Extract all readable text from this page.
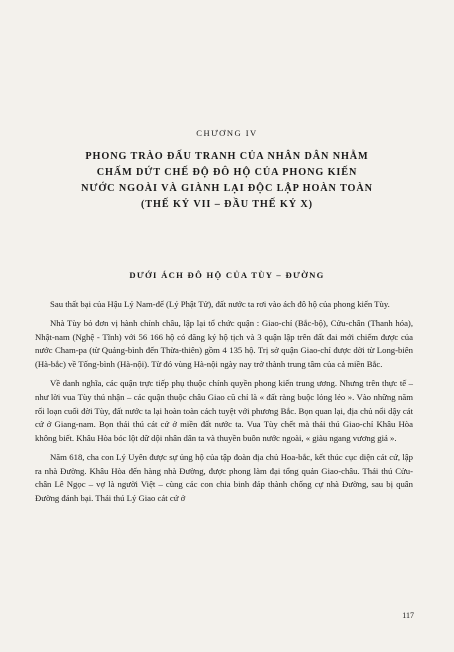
CHƯƠNG IV
PHONG TRÀO ĐẤU TRANH CỦA NHÂN DÂN NHẰM
CHẤM DỨT CHẾ ĐỘ ĐÔ HỘ CỦA PHONG KIẾN
NƯỚC NGOÀI VÀ GIÀNH LẠI ĐỘC LẬP HOÀN TOÀN
(THẾ KỶ VII – ĐẦU THẾ KỶ X)
DƯỚI ÁCH ĐÔ HỘ CỦA TÙY – ĐƯỜNG

Sau thất bại của Hậu Lý Nam-đế (Lý Phật Tử), đất nước ta rơi vào ách đô hộ của phong kiến Tùy.

Nhà Tùy bỏ đơn vị hành chính châu, lập lại tổ chức quận : Giao-chỉ (Bắc-bộ), Cửu-chân (Thanh hóa), Nhật-nam (Nghệ - Tĩnh) với 56 166 hộ có đăng ký hộ tịch và 3 quận lập trên đất đai mới chiếm được của nước Cham-pa (từ Quảng-bình đến Thừa-thiên) gồm 4 135 hộ. Trị sở quận Giao-chỉ được dời từ Long-biên (Hà-bắc) về Tống-bình (Hà-nội). Từ đó vùng Hà-nội ngày nay trở thành trung tâm của cả miền Bắc.

Về danh nghĩa, các quận trực tiếp phụ thuộc chính quyền phong kiến trung ương. Nhưng trên thực tế – như lời vua Tùy thú nhận – các quận thuộc châu Giao cũ chỉ là « đất ràng buộc lỏng lẻo ». Vào những năm rối loạn cuối đời Tùy, đất nước ta lại hoàn toàn cách tuyệt với phương Bắc. Bọn quan lại, địa chủ nổi dậy cát cứ ở Giang-nam. Bọn thái thú cát cứ ở miền đất nước ta. Vua Tùy chết mà thái thú Giao-chỉ Khâu Hòa không biết. Khâu Hòa bóc lột dữ dội nhân dân ta và thuyền buôn nước ngoài, « giàu ngang vương giả ».

Năm 618, cha con Lý Uyên được sự ủng hộ của tập đoàn địa chủ Hoa-bắc, kết thúc cục diện cát cứ, lập ra nhà Đường. Khâu Hòa đến hàng nhà Đường, được phong làm đại tổng quản Giao-châu. Thái thú Cửu-chân Lê Ngọc – vợ là người Việt – cùng các con chia binh đáp thành chống cự nhà Đường, sau bị quân Đường đánh bại. Thái thú Lý Giao cát cứ ở

117
